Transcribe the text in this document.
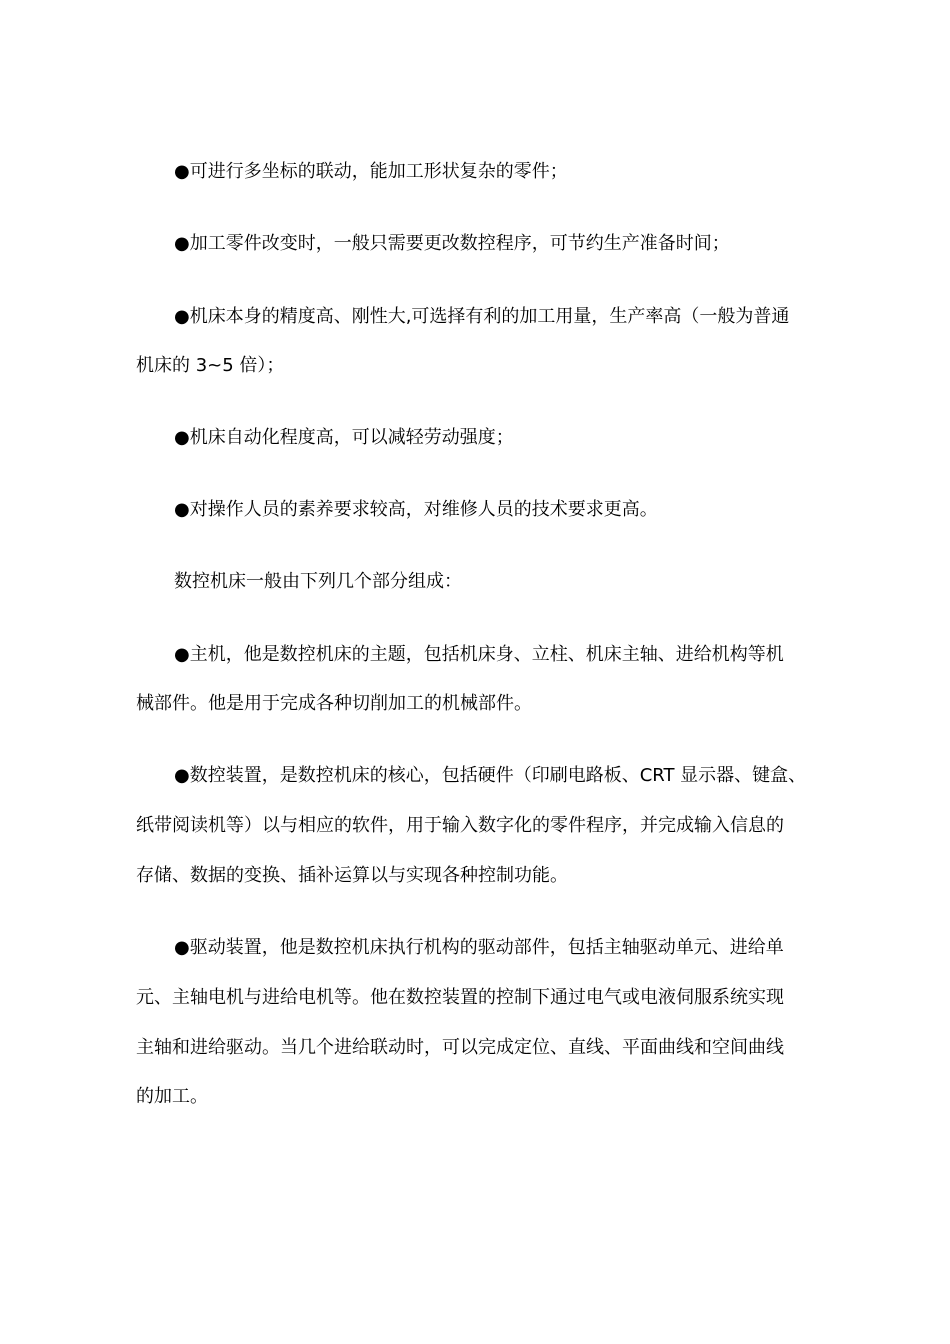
●可进行多坐标的联动，能加工形状复杂的零件；
●加工零件改变时，一般只需要更改数控程序，可节约生产准备时间；
●机床本身的精度高、刚性大,可选择有利的加工用量，生产率高（一般为普通
机床的 3~5 倍）；
●机床自动化程度高，可以减轻劳动强度；
●对操作人员的素养要求较高，对维修人员的技术要求更高。
数控机床一般由下列几个部分组成：
●主机，他是数控机床的主题，包括机床身、立柱、机床主轴、进给机构等机
械部件。他是用于完成各种切削加工的机械部件。
●数控装置，是数控机床的核心，包括硬件（印刷电路板、CRT 显示器、键盒、
纸带阅读机等）以与相应的软件，用于输入数字化的零件程序，并完成输入信息的
存储、数据的变换、插补运算以与实现各种控制功能。
●驱动装置，他是数控机床执行机构的驱动部件，包括主轴驱动单元、进给单
元、主轴电机与进给电机等。他在数控装置的控制下通过电气或电液伺服系统实现
主轴和进给驱动。当几个进给联动时，可以完成定位、直线、平面曲线和空间曲线
的加工。
